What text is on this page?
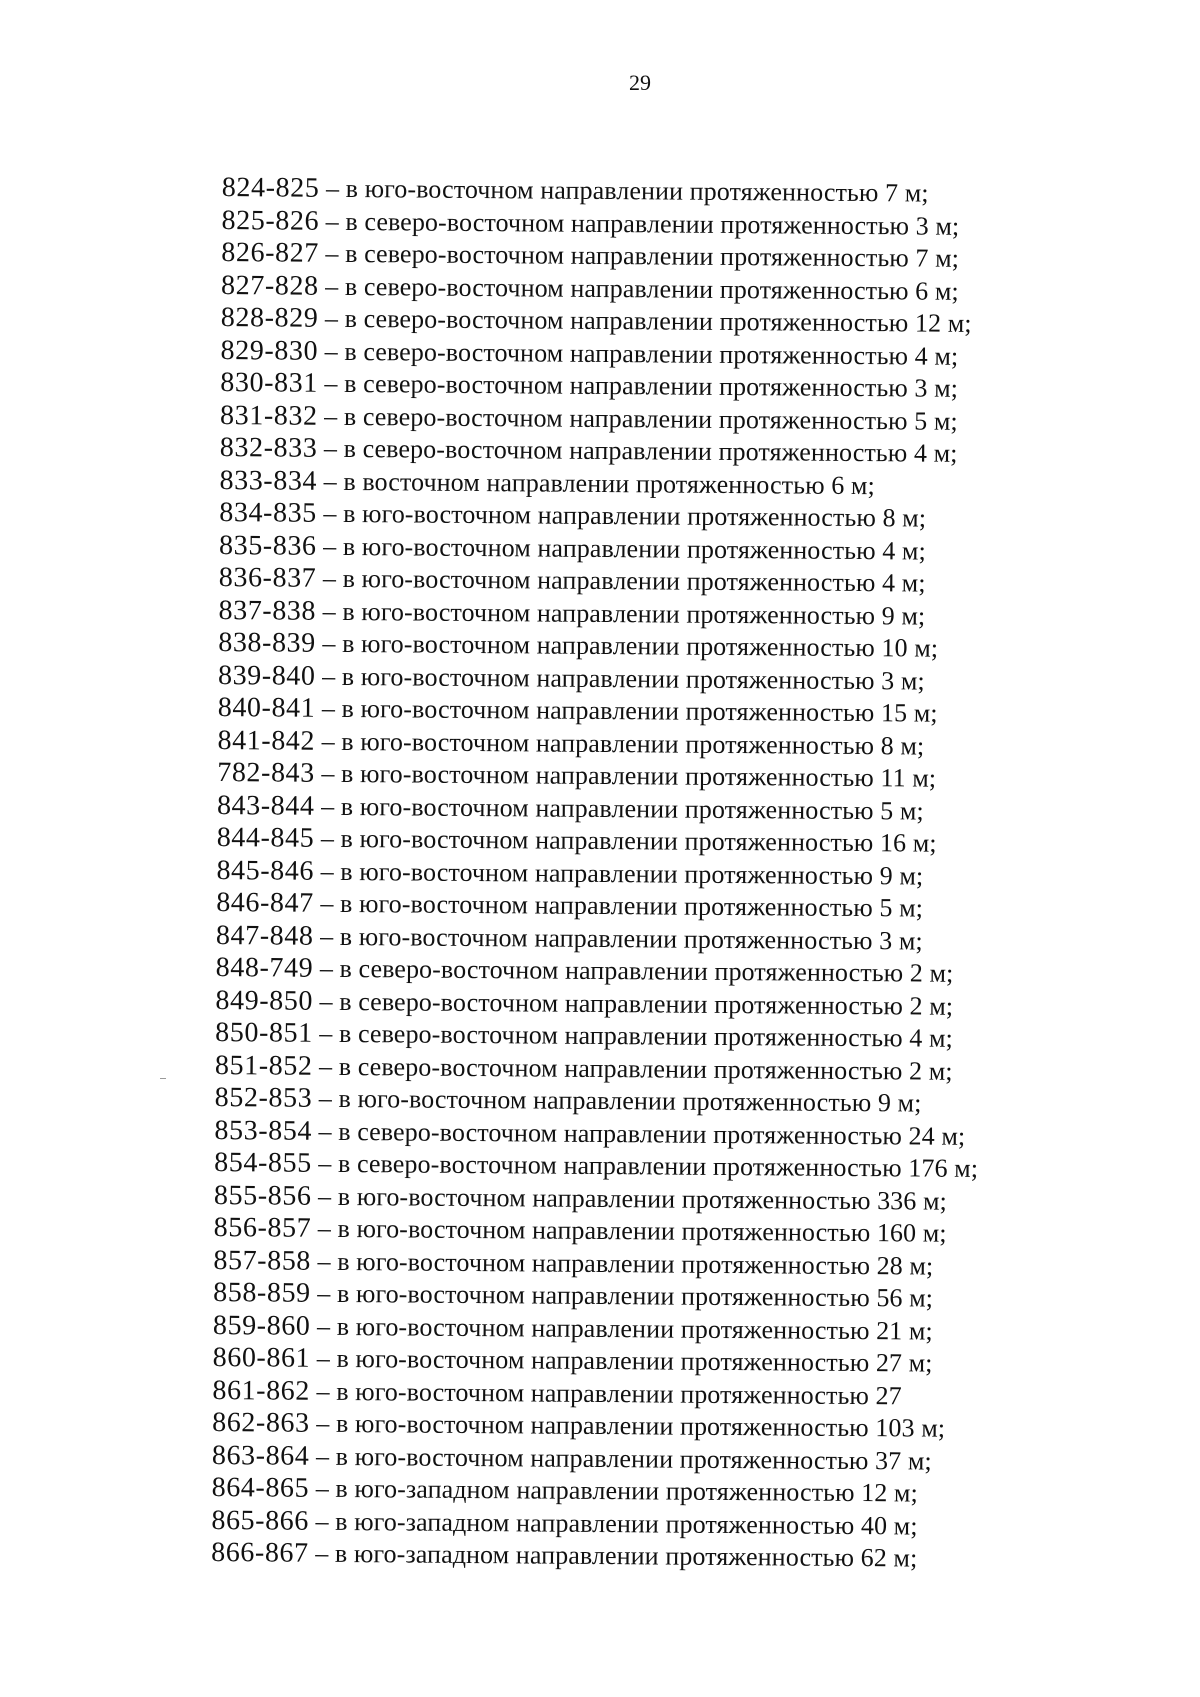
29
824-825 – в юго-восточном направлении протяженностью 7 м;
825-826 – в северо-восточном направлении протяженностью 3 м;
826-827 – в северо-восточном направлении протяженностью 7 м;
827-828 – в северо-восточном направлении протяженностью 6 м;
828-829 – в северо-восточном направлении протяженностью 12 м;
829-830 – в северо-восточном направлении протяженностью 4 м;
830-831 – в северо-восточном направлении протяженностью 3 м;
831-832 – в северо-восточном направлении протяженностью 5 м;
832-833 – в северо-восточном направлении протяженностью 4 м;
833-834 – в восточном направлении протяженностью 6 м;
834-835 – в юго-восточном направлении протяженностью 8 м;
835-836 – в юго-восточном направлении протяженностью 4 м;
836-837 – в юго-восточном направлении протяженностью 4 м;
837-838 – в юго-восточном направлении протяженностью 9 м;
838-839 – в юго-восточном направлении протяженностью 10 м;
839-840 – в юго-восточном направлении протяженностью 3 м;
840-841 – в юго-восточном направлении протяженностью 15 м;
841-842 – в юго-восточном направлении протяженностью 8 м;
782-843 – в юго-восточном направлении протяженностью 11 м;
843-844 – в юго-восточном направлении протяженностью 5 м;
844-845 – в юго-восточном направлении протяженностью 16 м;
845-846 – в юго-восточном направлении протяженностью 9 м;
846-847 – в юго-восточном направлении протяженностью 5 м;
847-848 – в юго-восточном направлении протяженностью 3 м;
848-749 – в северо-восточном направлении протяженностью 2 м;
849-850 – в северо-восточном направлении протяженностью 2 м;
850-851 – в северо-восточном направлении протяженностью 4 м;
851-852 – в северо-восточном направлении протяженностью 2 м;
852-853 – в юго-восточном направлении протяженностью 9 м;
853-854 – в северо-восточном направлении протяженностью 24 м;
854-855 – в северо-восточном направлении протяженностью 176 м;
855-856 – в юго-восточном направлении протяженностью 336 м;
856-857 – в юго-восточном направлении протяженностью 160 м;
857-858 – в юго-восточном направлении протяженностью 28 м;
858-859 – в юго-восточном направлении протяженностью 56 м;
859-860 – в юго-восточном направлении протяженностью 21 м;
860-861 – в юго-восточном направлении протяженностью 27 м;
861-862 – в юго-восточном направлении протяженностью 27
862-863 – в юго-восточном направлении протяженностью 103 м;
863-864 – в юго-восточном направлении протяженностью 37 м;
864-865 – в юго-западном направлении протяженностью 12 м;
865-866 – в юго-западном направлении протяженностью 40 м;
866-867 – в юго-западном направлении протяженностью 62 м;
